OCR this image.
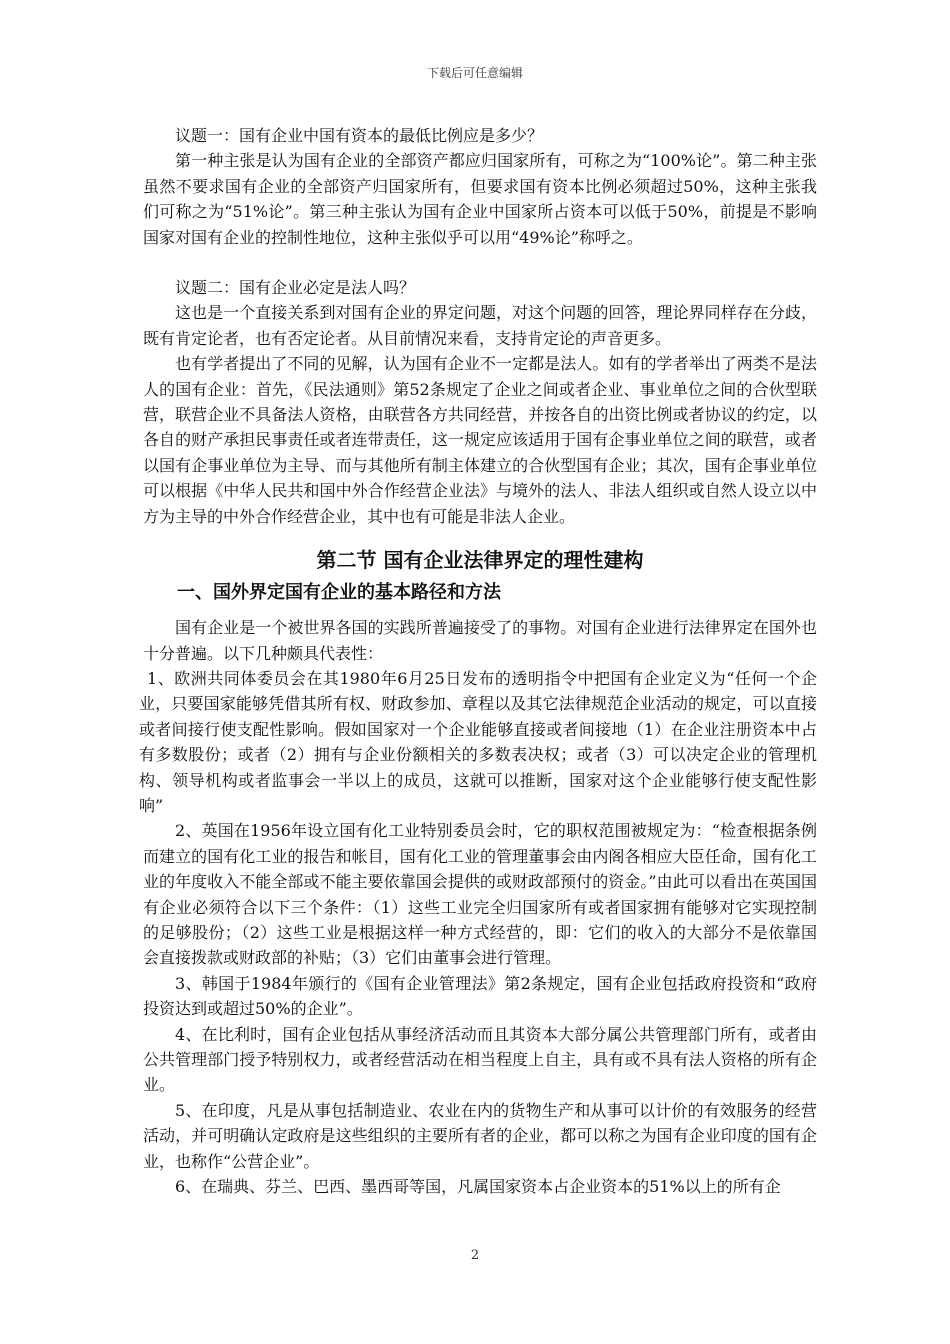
下载后可任意编辑

议题一：国有企业中国有资本的最低比例应是多少？

第一种主张是认为国有企业的全部资产都应归国家所有，可称之为“100%论”。第二种主张虽然不要求国有企业的全部资产归国家所有，但要求国有资本比例必须超过50%，这种主张我们可称之为“51%论”。第三种主张认为国有企业中国家所占资本可以低于50%，前提是不影响国家对国有企业的控制性地位，这种主张似乎可以用“49%论”称呼之。

议题二：国有企业必定是法人吗？

这也是一个直接关系到对国有企业的界定问题，对这个问题的回答，理论界同样存在分歧，既有肯定论者，也有否定论者。从目前情况来看，支持肯定论的声音更多。

也有学者提出了不同的见解，认为国有企业不一定都是法人。如有的学者举出了两类不是法人的国有企业：首先，《民法通则》第52条规定了企业之间或者企业、事业单位之间的合伙型联营，联营企业不具备法人资格，由联营各方共同经营，并按各自的出资比例或者协议的约定，以各自的财产承担民事责任或者连带责任，这一规定应该适用于国有企事业单位之间的联营，或者以国有企事业单位为主导、而与其他所有制主体建立的合伙型国有企业；其次，国有企事业单位可以根据《中华人民共和国中外合作经营企业法》与境外的法人、非法人组织或自然人设立以中方为主导的中外合作经营企业，其中也有可能是非法人企业。

第二节 国有企业法律界定的理性建构
一、国外界定国有企业的基本路径和方法

国有企业是一个被世界各国的实践所普遍接受了的事物。对国有企业进行法律界定在国外也十分普遍。以下几种颇具代表性：

1、欧洲共同体委员会在其1980年6月25日发布的透明指令中把国有企业定义为“任何一个企业，只要国家能够凭借其所有权、财政参加、章程以及其它法律规范企业活动的规定，可以直接或者间接行使支配性影响。假如国家对一个企业能够直接或者间接地（1）在企业注册资本中占有多数股份；或者（2）拥有与企业份额相关的多数表决权；或者（3）可以决定企业的管理机构、领导机构或者监事会一半以上的成员，这就可以推断，国家对这个企业能够行使支配性影响”

2、英国在1956年设立国有化工业特别委员会时，它的职权范围被规定为：“检查根据条例而建立的国有化工业的报告和帐目，国有化工业的管理董事会由内阁各相应大臣任命，国有化工业的年度收入不能全部或不能主要依靠国会提供的或财政部预付的资金。”由此可以看出在英国国有企业必须符合以下三个条件：（1）这些工业完全归国家所有或者国家拥有能够对它实现控制的足够股份；（2）这些工业是根据这样一种方式经营的，即：它们的收入的大部分不是依靠国会直接拨款或财政部的补贴；（3）它们由董事会进行管理。

3、韩国于1984年颁行的《国有企业管理法》第2条规定，国有企业包括政府投资和“政府投资达到或超过50%的企业”。

4、在比利时，国有企业包括从事经济活动而且其资本大部分属公共管理部门所有，或者由公共管理部门授予特别权力，或者经营活动在相当程度上自主，具有或不具有法人资格的所有企业。

5、在印度，凡是从事包括制造业、农业在内的货物生产和从事可以计价的有效服务的经营活动，并可明确认定政府是这些组织的主要所有者的企业，都可以称之为国有企业印度的国有企业，也称作“公营企业”。

6、在瑞典、芬兰、巴西、墨西哥等国，凡属国家资本占企业资本的51%以上的所有企

2
